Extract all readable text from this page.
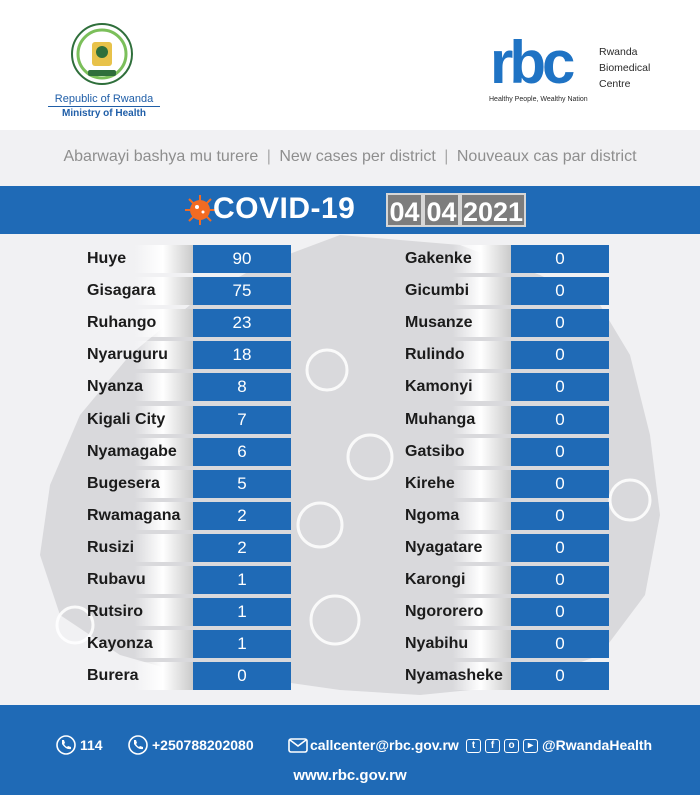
Republic of Rwanda
Ministry of Health
rbc	Rwanda
Biomedical
Centre
Healthy People, Wealthy Nation
Abarwayi bashya mu turere | New cases per district | Nouveaux cas par district
COVID-19 04 04 2021
Huye	90
Gisagara	75
Ruhango	23
Nyaruguru	18
Nyanza	8
Kigali City	7
Nyamagabe	6
Bugesera	5
Rwamagana	2
Rusizi	2
Rubavu	1
Rutsiro	1
Kayonza	1
Burera	0
Gakenke	0
Gicumbi	0
Musanze	0
Rulindo	0
Kamonyi	0
Muhanga	0
Gatsibo	0
Kirehe	0
Ngoma	0
Nyagatare	0
Karongi	0
Ngororero	0
Nyabihu	0
Nyamasheke	0
114	+250788202080	callcenter@rbc.gov.rw	t	f	o	▸ @RwandaHealth
www.rbc.gov.rw
